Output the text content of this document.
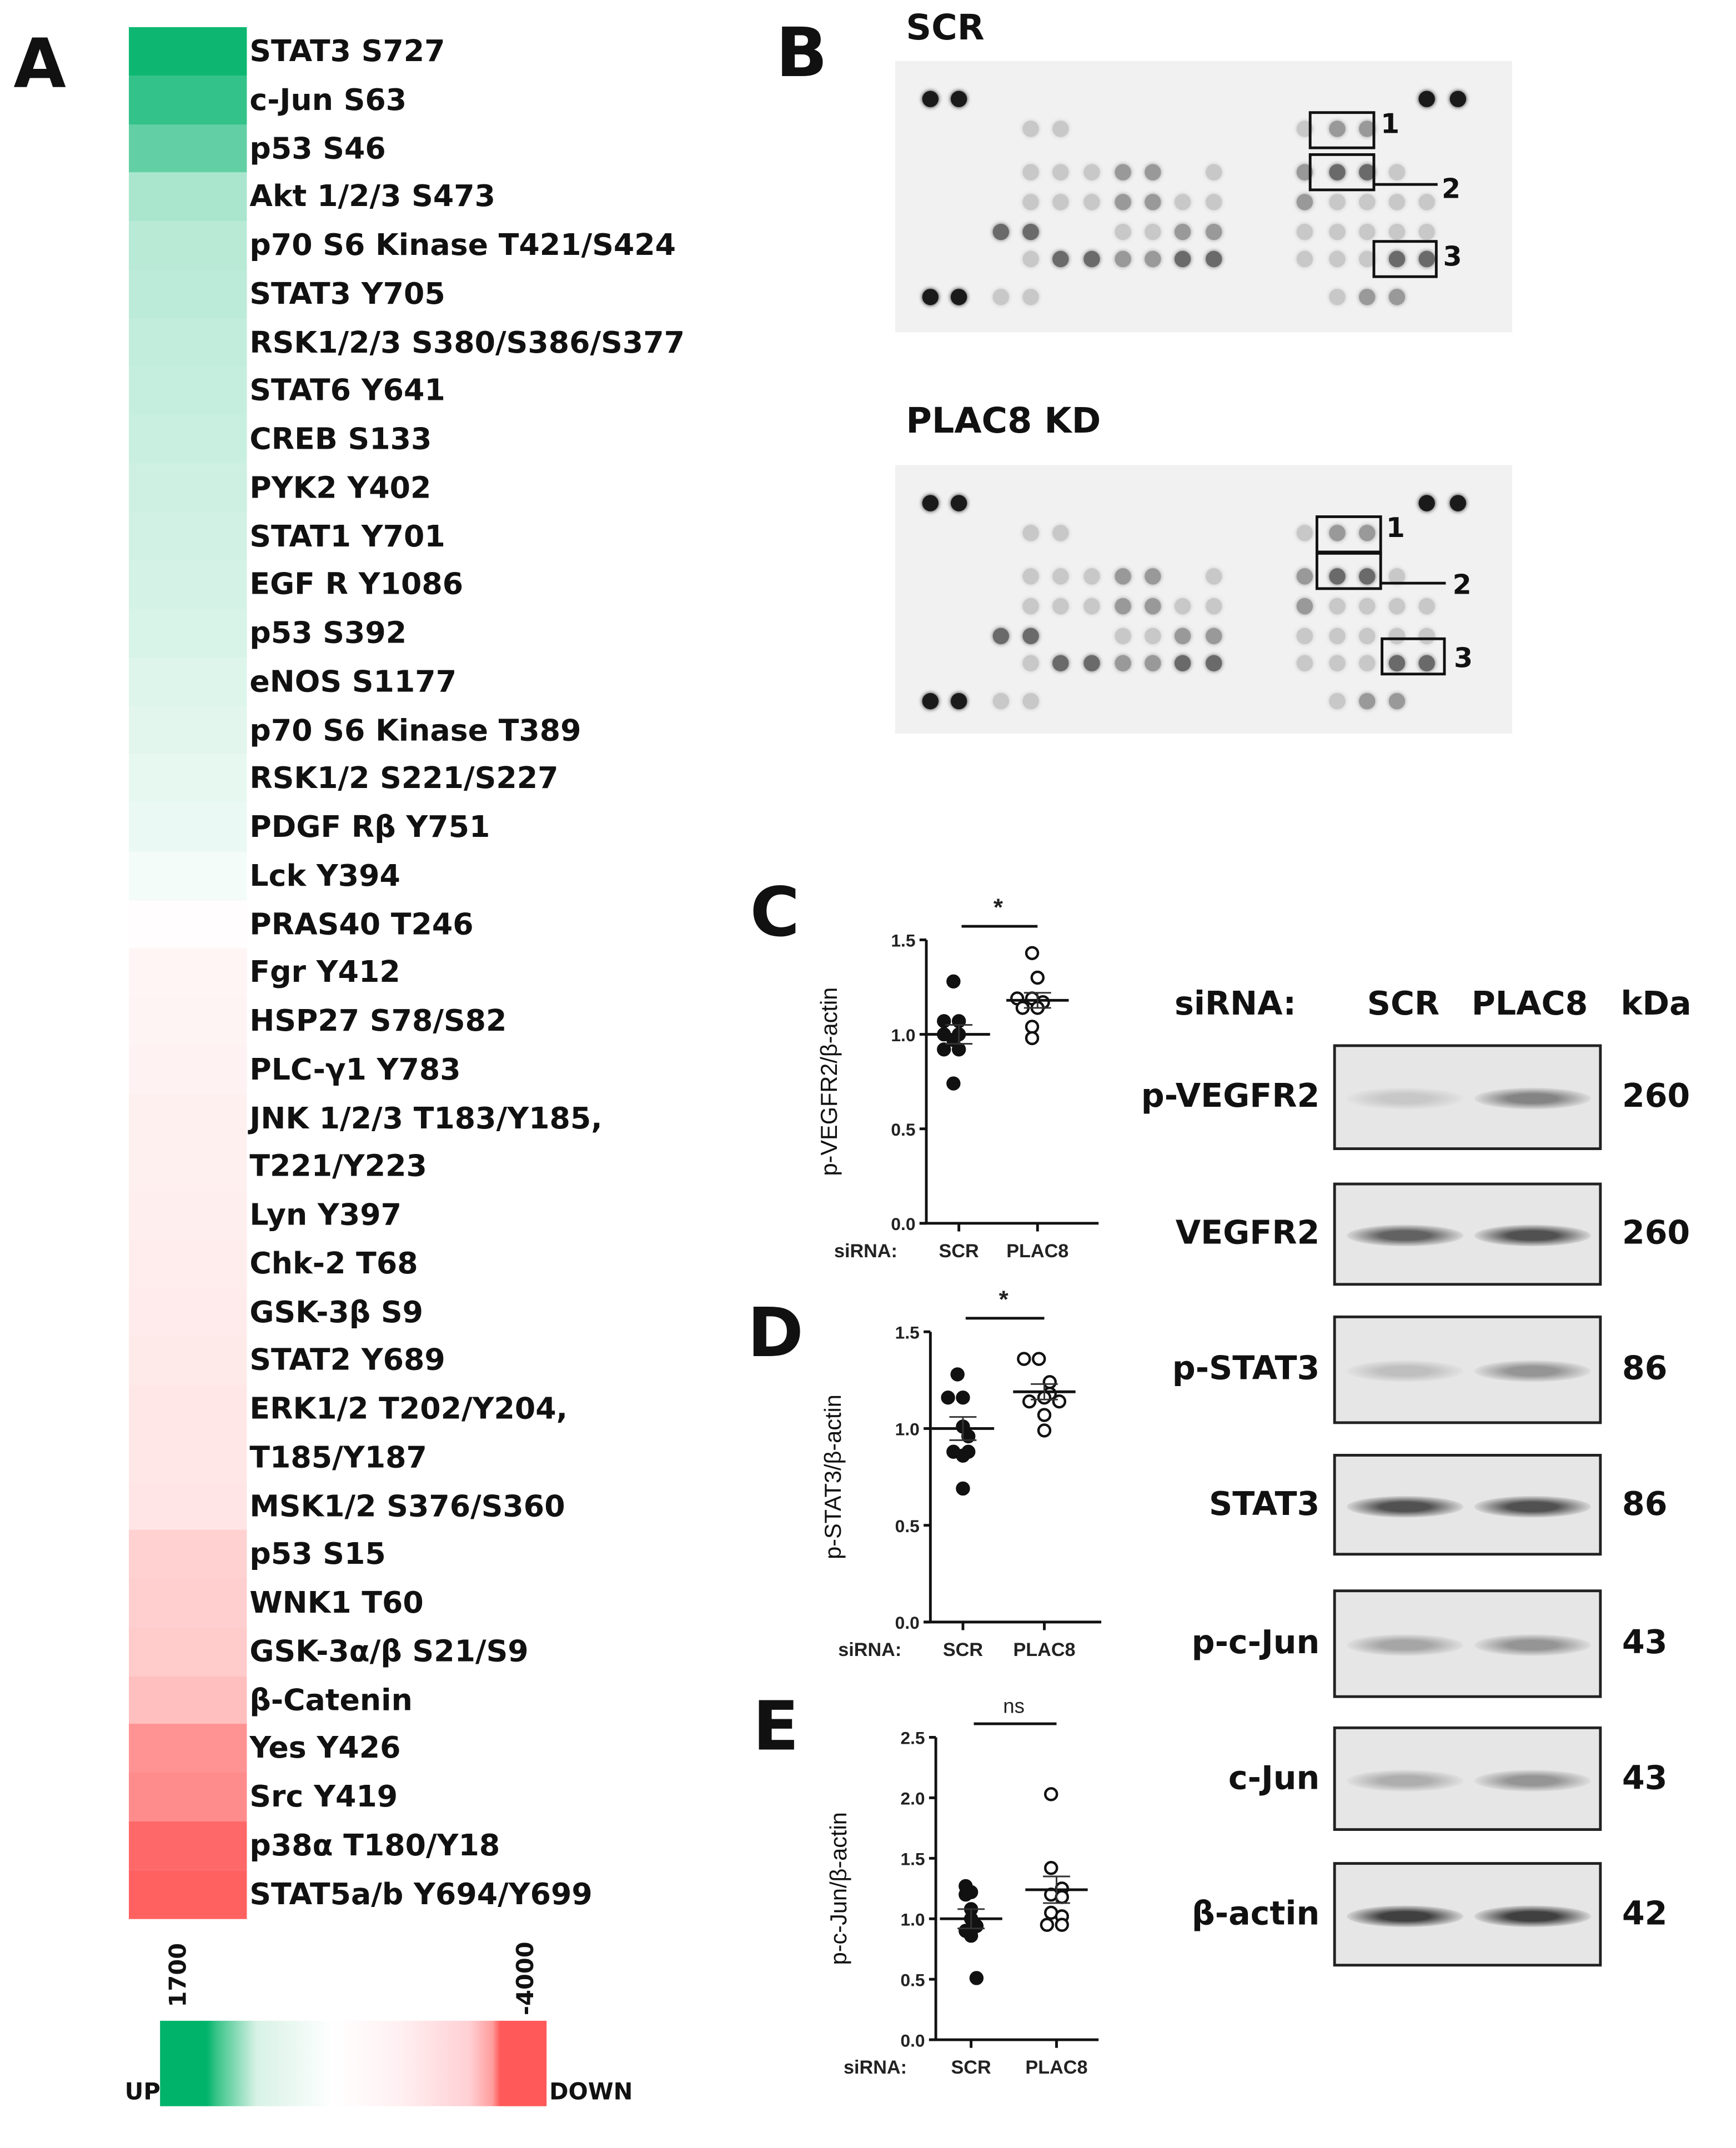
A	B
C
D
E
STAT3 S727
c-Jun S63
p53 S46
Akt 1/2/3 S473
p70 S6 Kinase T421/S424
STAT3 Y705
RSK1/2/3 S380/S386/S377
STAT6 Y641
CREB S133
PYK2 Y402
STAT1 Y701
EGF R Y1086
p53 S392
eNOS S1177
p70 S6 Kinase T389
RSK1/2 S221/S227
PDGF Rβ Y751
Lck Y394
PRAS40 T246
Fgr Y412
HSP27 S78/S82
PLC-γ1 Y783
JNK 1/2/3 T183/Y185,
T221/Y223
Lyn Y397
Chk-2 T68
GSK-3β S9
STAT2 Y689
ERK1/2 T202/Y204,
T185/Y187
MSK1/2 S376/S360
p53 S15
WNK1 T60
GSK-3α/β S21/S9
β-Catenin
Yes Y426
Src Y419
p38α T180/Y18
STAT5a/b Y694/Y699
1700	-4000
UP	DOWN
SCR
1
2
3
PLAC8 KD
1
2
3
0.0
0.5
1.0
1.5
p-VEGFR2/β-actin
siRNA:	SCR	PLAC8
*
0.0
0.5
1.0
1.5
p-STAT3/β-actin
siRNA:	SCR	PLAC8
*
0.0
0.5
1.0
1.5
2.0
2.5
p-c-Jun/β-actin
siRNA:	SCR	PLAC8
ns
siRNA:	SCR PLAC8 kDa
p-VEGFR2	260
VEGFR2	260
p-STAT3	86
STAT3	86
p-c-Jun	43
c-Jun	43
β-actin	42
